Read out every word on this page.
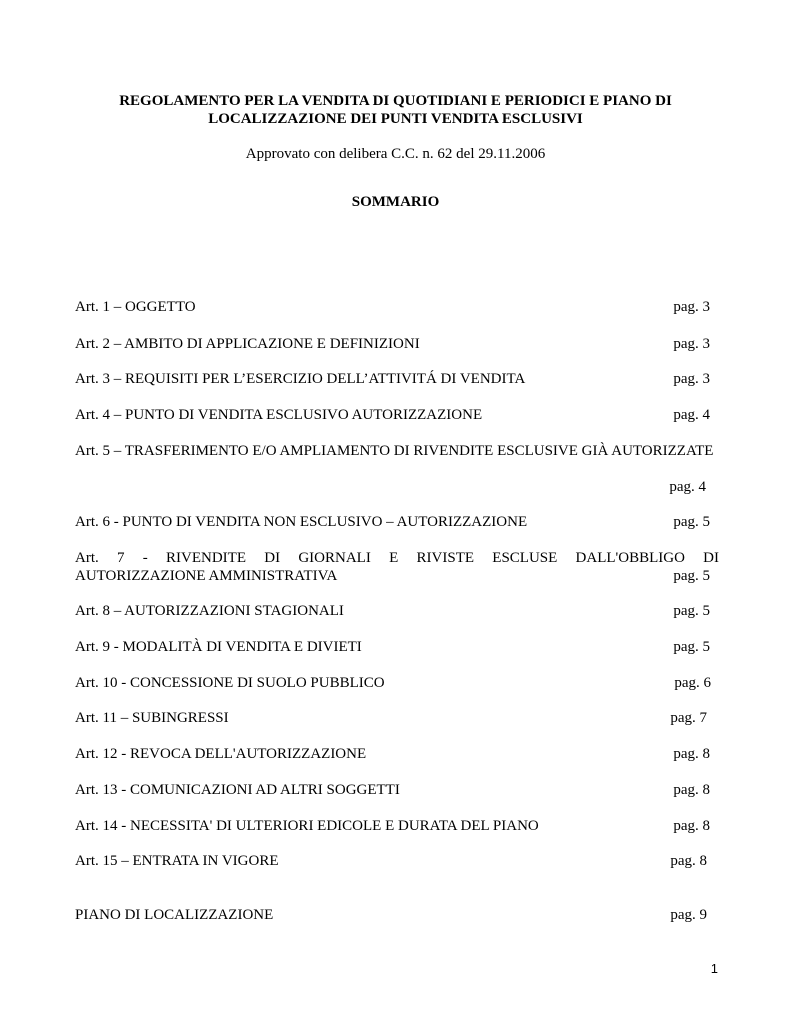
REGOLAMENTO PER LA VENDITA DI QUOTIDIANI E PERIODICI E PIANO DI
LOCALIZZAZIONE DEI PUNTI VENDITA ESCLUSIVI
Approvato con delibera C.C. n. 62 del 29.11.2006
SOMMARIO
Art. 1 – OGGETTO	pag. 3
Art. 2 – AMBITO DI APPLICAZIONE E DEFINIZIONI	pag. 3
Art. 3 – REQUISITI PER L’ESERCIZIO DELL’ATTIVITÁ DI VENDITA	pag. 3
Art. 4 – PUNTO DI VENDITA ESCLUSIVO AUTORIZZAZIONE	pag. 4
Art. 5 – TRASFERIMENTO E/O AMPLIAMENTO DI RIVENDITE ESCLUSIVE GIÀ AUTORIZZATE
pag. 4
Art. 6 - PUNTO DI VENDITA NON ESCLUSIVO – AUTORIZZAZIONE	pag. 5
Art. 7 - RIVENDITE DI GIORNALI E RIVISTE ESCLUSE DALL'OBBLIGO DI
AUTORIZZAZIONE AMMINISTRATIVA	pag. 5
Art. 8 – AUTORIZZAZIONI STAGIONALI	pag. 5
Art. 9 - MODALITÀ DI VENDITA E DIVIETI	pag. 5
Art. 10 - CONCESSIONE DI SUOLO PUBBLICO	pag. 6
Art. 11 – SUBINGRESSI	pag. 7
Art. 12 - REVOCA DELL'AUTORIZZAZIONE	pag. 8
Art. 13 - COMUNICAZIONI AD ALTRI SOGGETTI	pag. 8
Art. 14 - NECESSITA' DI ULTERIORI EDICOLE E DURATA DEL PIANO	pag. 8
Art. 15 – ENTRATA IN VIGORE	pag. 8
PIANO DI LOCALIZZAZIONE	pag. 9
1
